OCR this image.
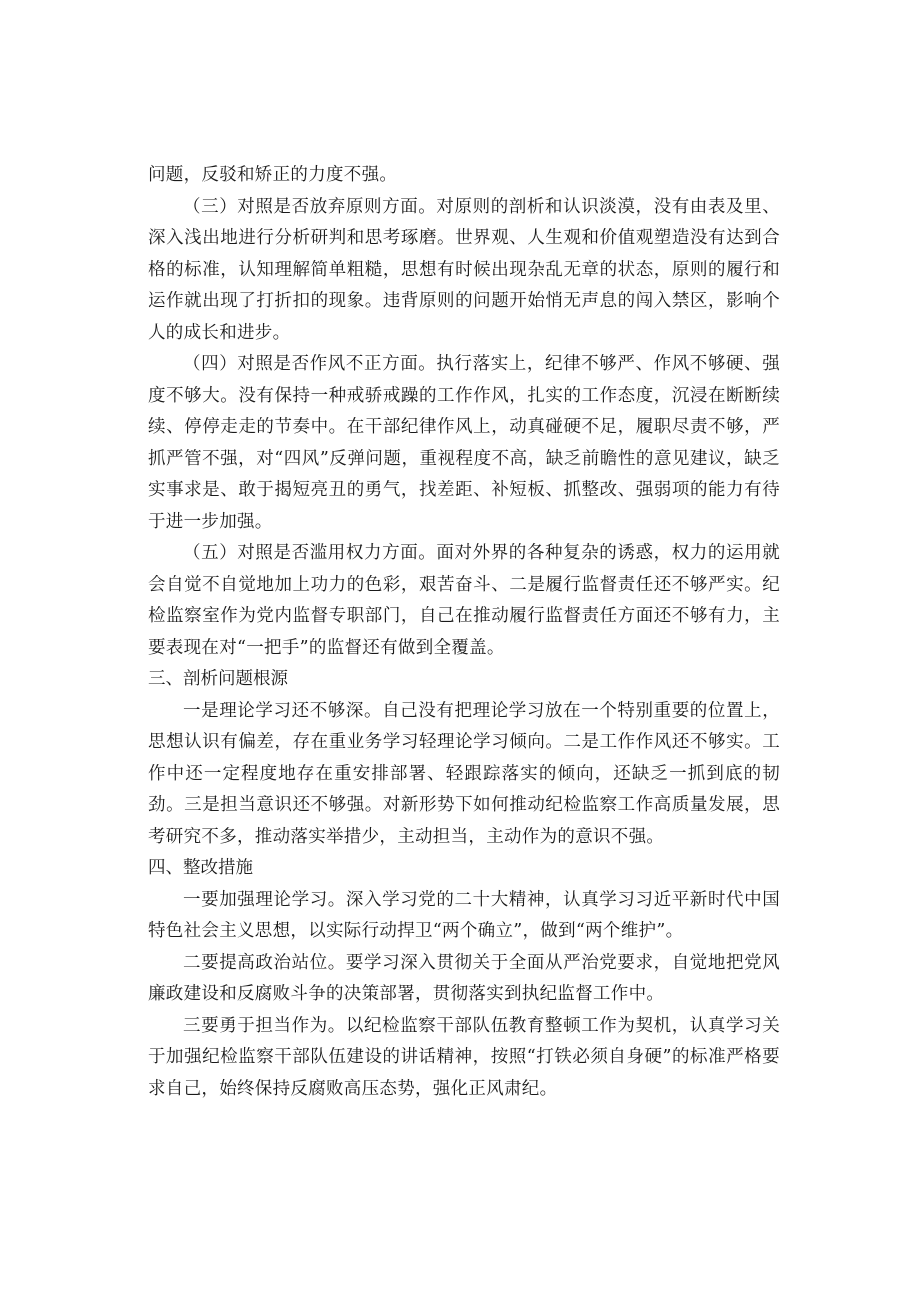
问题，反驳和矫正的力度不强。

（三）对照是否放弃原则方面。对原则的剖析和认识淡漠，没有由表及里、深入浅出地进行分析研判和思考琢磨。世界观、人生观和价值观塑造没有达到合格的标准，认知理解简单粗糙，思想有时候出现杂乱无章的状态，原则的履行和运作就出现了打折扣的现象。违背原则的问题开始悄无声息的闯入禁区，影响个人的成长和进步。

（四）对照是否作风不正方面。执行落实上，纪律不够严、作风不够硬、强度不够大。没有保持一种戒骄戒躁的工作作风，扎实的工作态度，沉浸在断断续续、停停走走的节奏中。在干部纪律作风上，动真碰硬不足，履职尽责不够，严抓严管不强，对“四风”反弹问题，重视程度不高，缺乏前瞻性的意见建议，缺乏实事求是、敢于揭短亮丑的勇气，找差距、补短板、抓整改、强弱项的能力有待于进一步加强。

（五）对照是否滥用权力方面。面对外界的各种复杂的诱惑，权力的运用就会自觉不自觉地加上功力的色彩，艰苦奋斗、二是履行监督责任还不够严实。纪检监察室作为党内监督专职部门，自己在推动履行监督责任方面还不够有力，主要表现在对“一把手”的监督还有做到全覆盖。

三、剖析问题根源

一是理论学习还不够深。自己没有把理论学习放在一个特别重要的位置上，思想认识有偏差，存在重业务学习轻理论学习倾向。二是工作作风还不够实。工作中还一定程度地存在重安排部署、轻跟踪落实的倾向，还缺乏一抓到底的韧劲。三是担当意识还不够强。对新形势下如何推动纪检监察工作高质量发展，思考研究不多，推动落实举措少，主动担当，主动作为的意识不强。

四、整改措施

一要加强理论学习。深入学习党的二十大精神，认真学习习近平新时代中国特色社会主义思想，以实际行动捍卫“两个确立”，做到“两个维护”。

二要提高政治站位。要学习深入贯彻关于全面从严治党要求，自觉地把党风廉政建设和反腐败斗争的决策部署，贯彻落实到执纪监督工作中。

三要勇于担当作为。以纪检监察干部队伍教育整顿工作为契机，认真学习关于加强纪检监察干部队伍建设的讲话精神，按照“打铁必须自身硬”的标准严格要求自己，始终保持反腐败高压态势，强化正风肃纪。
